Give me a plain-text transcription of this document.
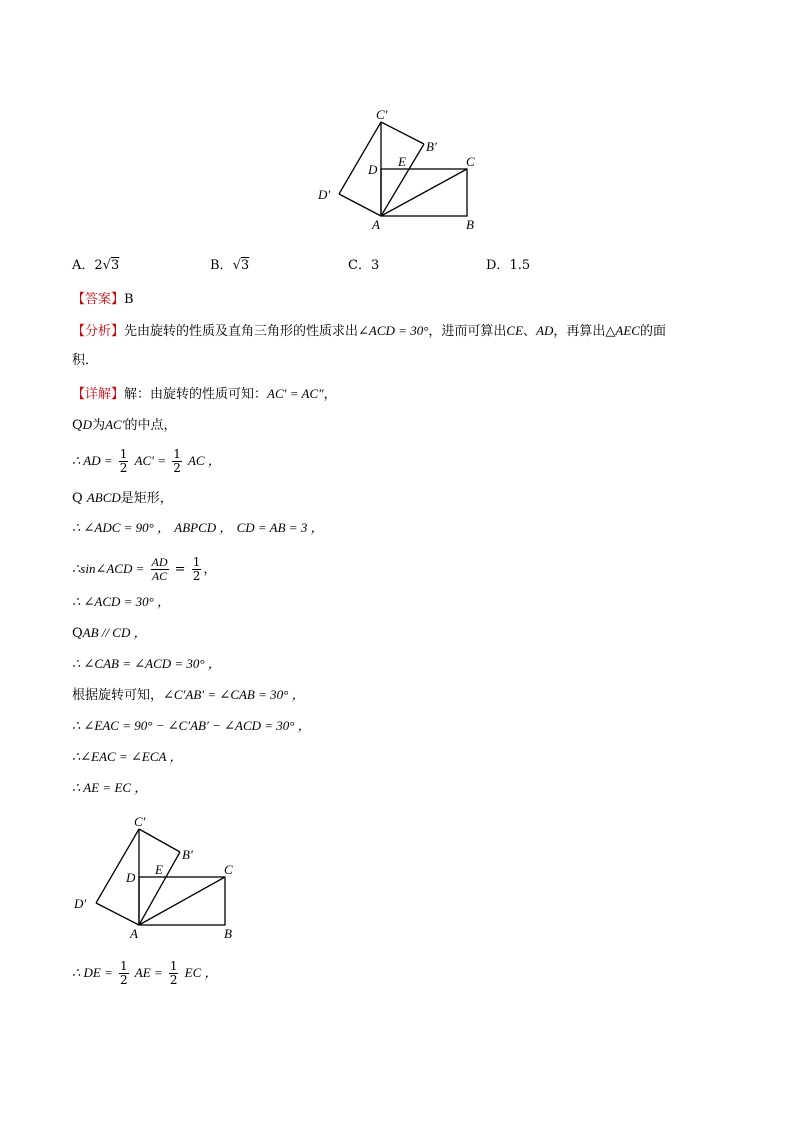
C′
B′
D
E	C
D′
A	B
A．2√3	B．√3	C．3	D．1.5
【答案】B
【分析】先由旋转的性质及直角三角形的性质求出∠ACD = 30°，进而可算出CE、AD，再算出△AEC的面
积．
【详解】解：由旋转的性质可知：AC′ = AC″，
QD为AC′的中点，
∴ AD = $\frac{1}{2} AC' = \frac{1}{2}$ AC ，
Q ABCD是矩形，
∴ ∠ADC = 90° ， ABPCD ， CD = AB = 3 ，
∴sin∠ACD = $\frac{AD}{AC} = \frac{1}{2}$ ，
∴ ∠ACD = 30° ，
QAB // CD ，
∴ ∠CAB = ∠ACD = 30° ，
根据旋转可知，∠C′AB′ = ∠CAB = 30° ，
∴ ∠EAC = 90° − ∠C′AB′ − ∠ACD = 30° ，
∴∠EAC = ∠ECA ，
∴ AE = EC ，
C′
B′
D
E	C
D′
A	B
∴ DE = $\frac{1}{2}$ AE = $\frac{1}{2}$ EC ，
